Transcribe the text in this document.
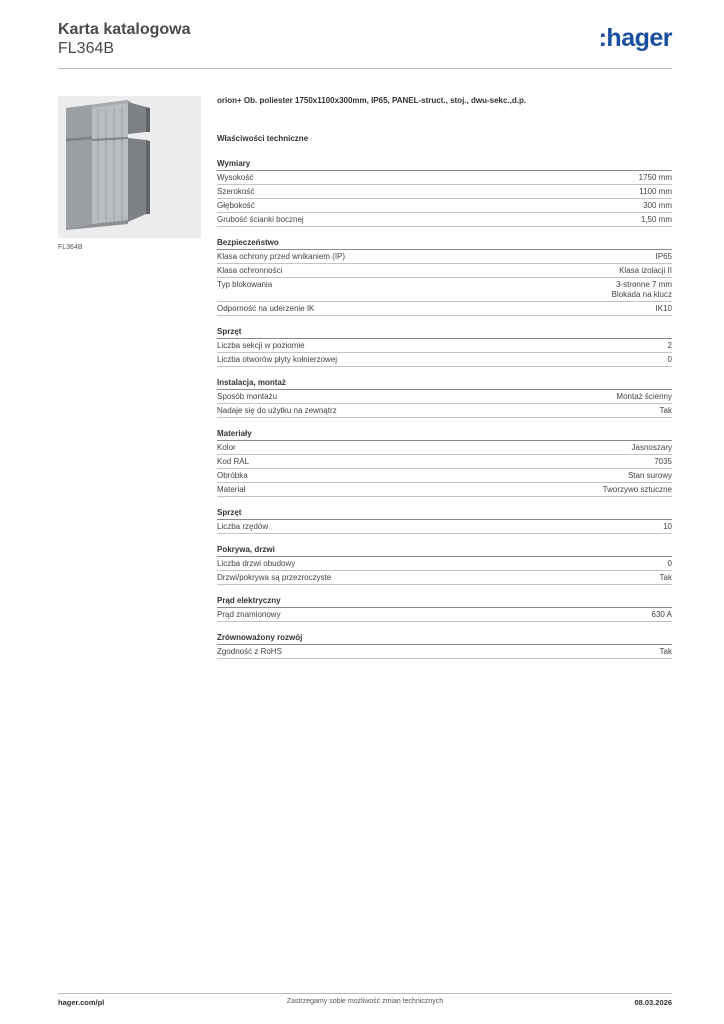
Karta katalogowa
FL364B	:hager
FL364B
orion+ Ob. poliester 1750x1100x300mm, IP65, PANEL-struct., stoj., dwu-sekc.,d.p.
Właściwości techniczne
Wymiary
Wysokość	1750 mm
Szerokość	1100 mm
Głębokość	300 mm
Grubość ścianki bocznej	1,50 mm
Bezpieczeństwo
Klasa ochrony przed wnikaniem (IP)	IP65
Klasa ochronności	Klasa izolacji II
Typ blokowania	3-stronne 7 mm
Blokada na klucz
Odporność na uderzenie IK	IK10
Sprzęt
Liczba sekcji w poziomie	2
Liczba otworów płyty kołnierzowej	0
Instalacja, montaż
Sposób montażu	Montaż ścienny
Nadaje się do użytku na zewnątrz	Tak
Materiały
Kolor	Jasnoszary
Kod RAL	7035
Obróbka	Stan surowy
Materiał	Tworzywo sztuczne
Sprzęt
Liczba rzędów	10
Pokrywa, drzwi
Liczba drzwi obudowy	0
Drzwi/pokrywa są przezroczyste	Tak
Prąd elektryczny
Prąd znamionowy	630 A
Zrównoważony rozwój
Zgodność z RoHS	Tak
hager.com/pl	Zastrzegamy sobie możliwość zmian technicznych	08.03.2026
